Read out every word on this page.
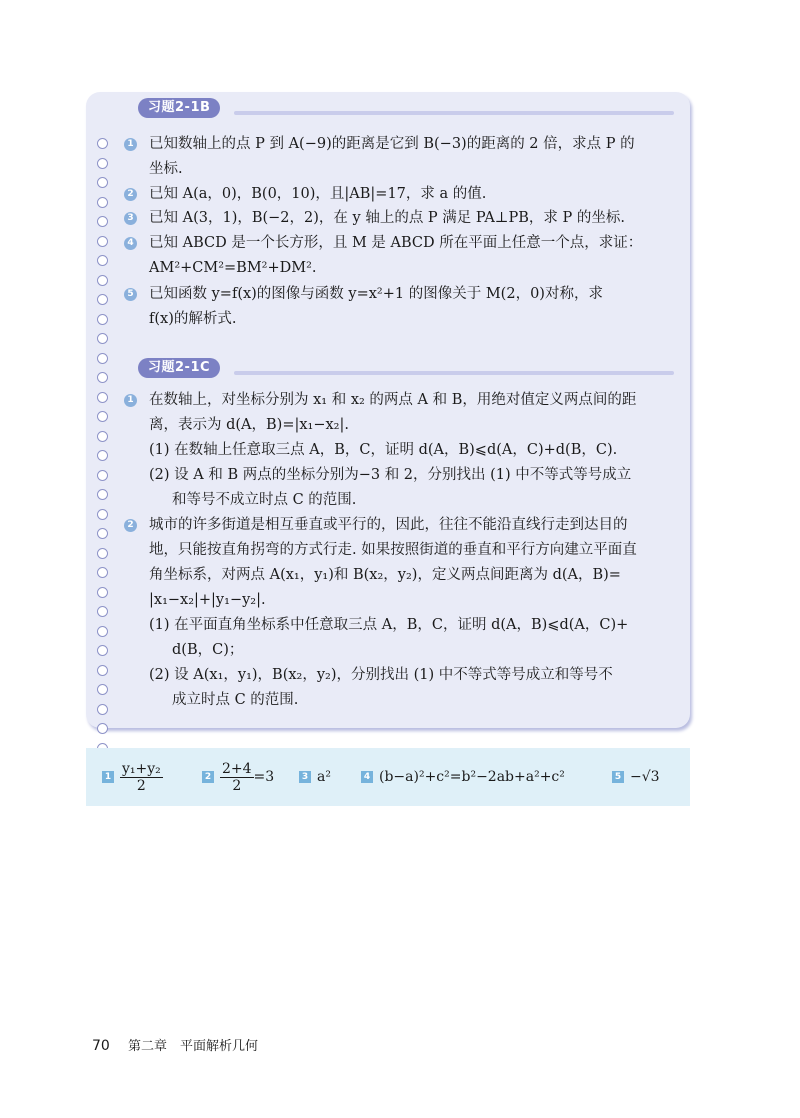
习题2-1B
1 已知数轴上的点 P 到 A(−9)的距离是它到 B(−3)的距离的 2 倍，求点 P 的
坐标.
2 已知 A(a，0)，B(0，10)，且|AB|=17，求 a 的值.
3 已知 A(3，1)，B(−2，2)，在 y 轴上的点 P 满足 PA⊥PB，求 P 的坐标.
4 已知 ABCD 是一个长方形，且 M 是 ABCD 所在平面上任意一个点，求证：
AM²+CM²=BM²+DM².
5 已知函数 y=f(x)的图像与函数 y=x²+1 的图像关于 M(2，0)对称，求
f(x)的解析式.
习题2-1C
1 在数轴上，对坐标分别为 x₁ 和 x₂ 的两点 A 和 B，用绝对值定义两点间的距
离，表示为 d(A，B)=|x₁−x₂|.
(1) 在数轴上任意取三点 A，B，C，证明 d(A，B)⩽d(A，C)+d(B，C).
(2) 设 A 和 B 两点的坐标分别为−3 和 2，分别找出 (1) 中不等式等号成立
和等号不成立时点 C 的范围.
2 城市的许多街道是相互垂直或平行的，因此，往往不能沿直线行走到达目的
地，只能按直角拐弯的方式行走. 如果按照街道的垂直和平行方向建立平面直
角坐标系，对两点 A(x₁，y₁)和 B(x₂，y₂)，定义两点间距离为 d(A，B)=
|x₁−x₂|+|y₁−y₂|.
(1) 在平面直角坐标系中任意取三点 A，B，C，证明 d(A，B)⩽d(A，C)+
d(B，C)；
(2) 设 A(x₁，y₁)，B(x₂，y₂)，分别找出 (1) 中不等式等号成立和等号不
成立时点 C 的范围.
$1 \frac{\text{y₁+y₂}}{2}$	$2 \frac{2+4}{2} =3$	3 a²	4 (b−a)²+c²=b²−2ab+a²+c²	5 −√3
70 第二章　平面解析几何
